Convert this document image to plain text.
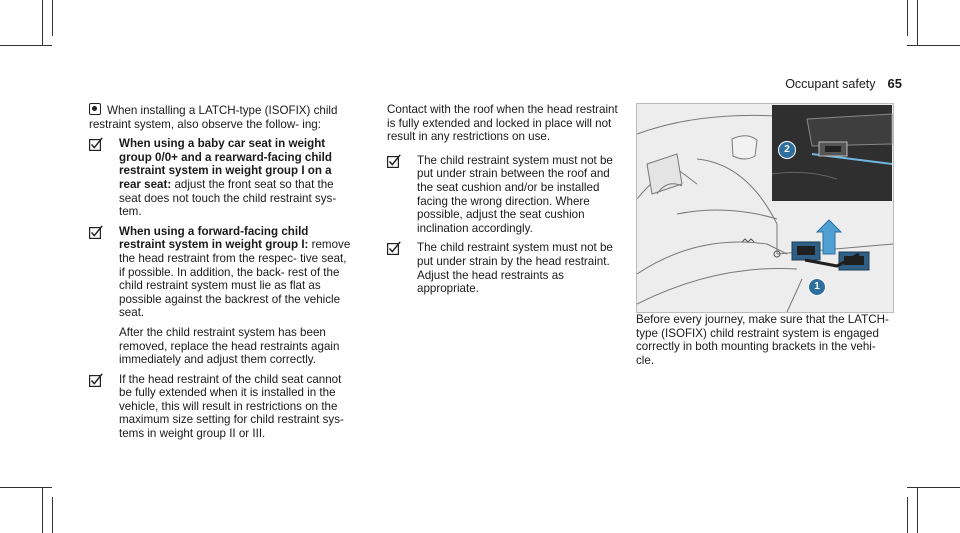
Occupant safety 65

When installing a LATCH-type (ISOFIX) child restraint system, also observe the follow- ing:

When using a baby car seat in weight group 0/0+ and a rearward-facing child restraint system in weight group I on a rear seat: adjust the front seat so that the seat does not touch the child restraint sys- tem.

When using a forward-facing child restraint system in weight group I: remove the head restraint from the respec- tive seat, if possible. In addition, the back- rest of the child restraint system must lie as flat as possible against the backrest of the vehicle seat.

After the child restraint system has been removed, replace the head restraints again immediately and adjust them correctly.

If the head restraint of the child seat cannot be fully extended when it is installed in the vehicle, this will result in restrictions on the maximum size setting for child restraint sys- tems in weight group II or III.

Contact with the roof when the head restraint is fully extended and locked in place will not result in any restrictions on use.

The child restraint system must not be put under strain between the roof and the seat cushion and/or be installed facing the wrong direction. Where possible, adjust the seat cushion inclination accordingly.

The child restraint system must not be put under strain by the head restraint. Adjust the head restraints as appropriate.

2
1

Before every journey, make sure that the LATCH- type (ISOFIX) child restraint system is engaged correctly in both mounting brackets in the vehi- cle.
